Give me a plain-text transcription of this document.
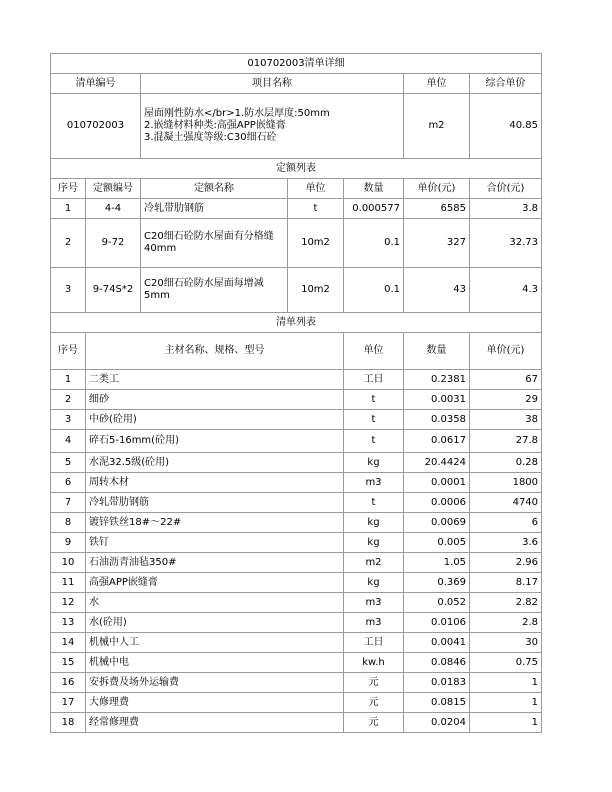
010702003清单详细							
清单编号		项目名称			单位	综合单价	
010702003		屋面刚性防水</br>1.防水层厚度:50mm
2.嵌缝材料种类:高强APP嵌缝膏
3.混凝土强度等级:C30细石砼			m2	40.85	
定额列表							
序号	定额编号	定额名称	单位	数量	单价(元)	合价(元)	
1	4-4	冷轧带肋钢筋	t	0.000577	6585	3.8	
2	9-72	C20细石砼防水屋面有分格缝40mm	10m2	0.1	327	32.73	
3	9-74S*2	C20细石砼防水屋面每增减5mm	10m2	0.1	43	4.3	
清单列表							
序号	主材名称、规格、型号			单位	数量	单价(元)	
1	二类工			工日	0.2381	67	
2	细砂			t	0.0031	29	
3	中砂(砼用)			t	0.0358	38	
4	碎石5-16mm(砼用)			t	0.0617	27.8	
5	水泥32.5级(砼用)			kg	20.4424	0.28	
6	周转木材			m3	0.0001	1800	
7	冷轧带肋钢筋			t	0.0006	4740	
8	镀锌铁丝18#～22#			kg	0.0069	6	
9	铁钉			kg	0.005	3.6	
10	石油沥青油毡350#			m2	1.05	2.96	
11	高强APP嵌缝膏			kg	0.369	8.17	
12	水			m3	0.052	2.82	
13	水(砼用)			m3	0.0106	2.8	
14	机械中人工			工日	0.0041	30	
15	机械中电			kw.h	0.0846	0.75	
16	安拆费及场外运输费			元	0.0183	1	
17	大修理费			元	0.0815	1	
18	经常修理费			元	0.0204	1	
